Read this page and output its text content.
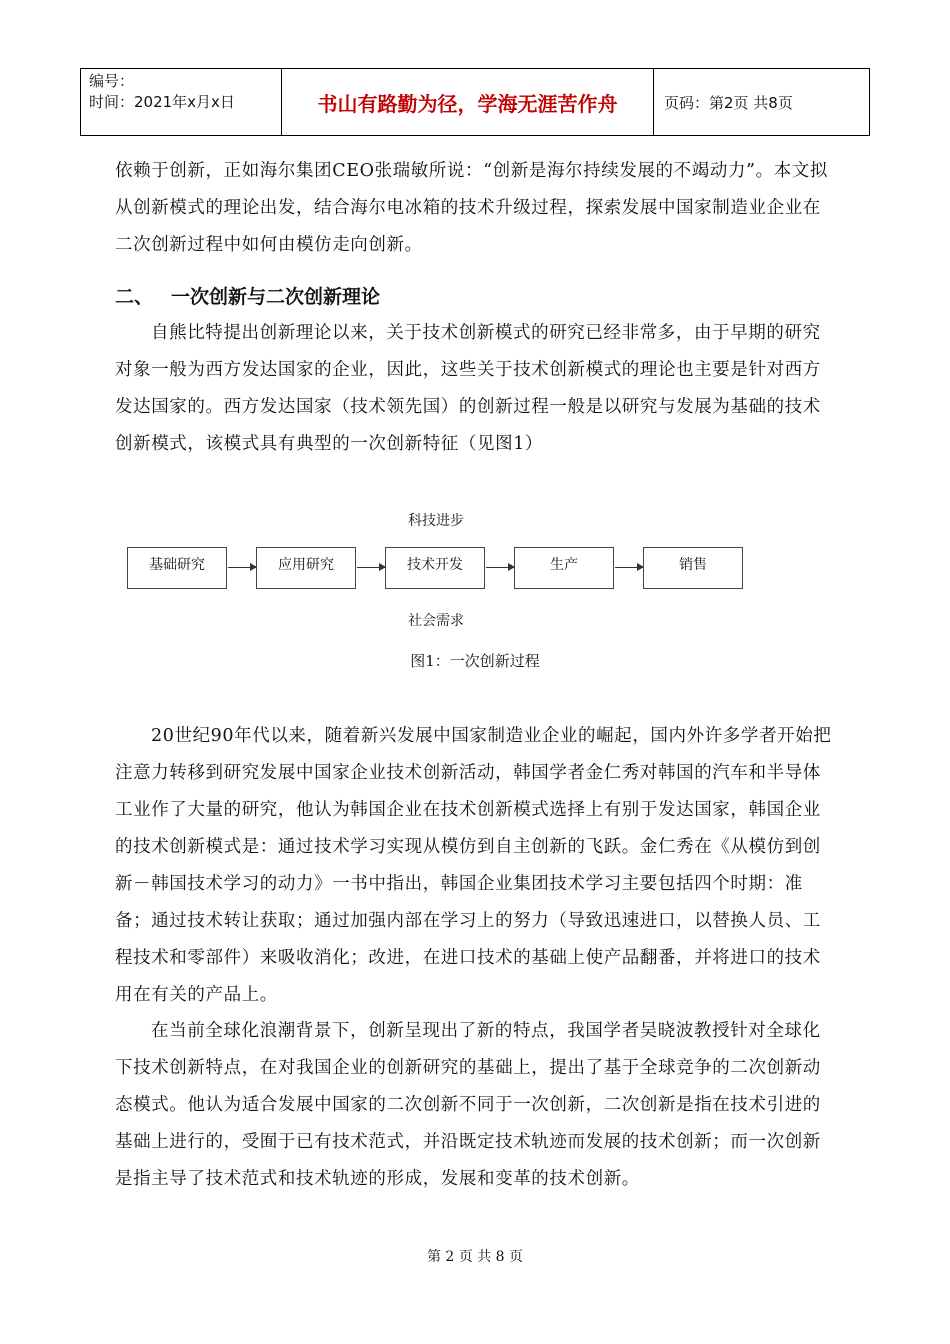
编号：
时间：2021年x月x日	书山有路勤为径，学海无涯苦作舟	页码：第2页 共8页

依赖于创新，正如海尔集团CEO张瑞敏所说：“创新是海尔持续发展的不竭动力”。本文拟从创新模式的理论出发，结合海尔电冰箱的技术升级过程，探索发展中国家制造业企业在二次创新过程中如何由模仿走向创新。

二、 一次创新与二次创新理论

自熊比特提出创新理论以来，关于技术创新模式的研究已经非常多，由于早期的研究对象一般为西方发达国家的企业，因此，这些关于技术创新模式的理论也主要是针对西方发达国家的。西方发达国家（技术领先国）的创新过程一般是以研究与发展为基础的技术创新模式，该模式具有典型的一次创新特征（见图1）

科技进步
基础研究	应用研究	技术开发	生产	销售
社会需求
图1：一次创新过程

20世纪90年代以来，随着新兴发展中国家制造业企业的崛起，国内外许多学者开始把注意力转移到研究发展中国家企业技术创新活动，韩国学者金仁秀对韩国的汽车和半导体工业作了大量的研究，他认为韩国企业在技术创新模式选择上有别于发达国家，韩国企业的技术创新模式是：通过技术学习实现从模仿到自主创新的飞跃。金仁秀在《从模仿到创新－韩国技术学习的动力》一书中指出，韩国企业集团技术学习主要包括四个时期：准备；通过技术转让获取；通过加强内部在学习上的努力（导致迅速进口，以替换人员、工程技术和零部件）来吸收消化；改进，在进口技术的基础上使产品翻番，并将进口的技术用在有关的产品上。

在当前全球化浪潮背景下，创新呈现出了新的特点，我国学者吴晓波教授针对全球化下技术创新特点，在对我国企业的创新研究的基础上，提出了基于全球竞争的二次创新动态模式。他认为适合发展中国家的二次创新不同于一次创新，二次创新是指在技术引进的基础上进行的，受囿于已有技术范式，并沿既定技术轨迹而发展的技术创新；而一次创新是指主导了技术范式和技术轨迹的形成，发展和变革的技术创新。

第 2 页 共 8 页
